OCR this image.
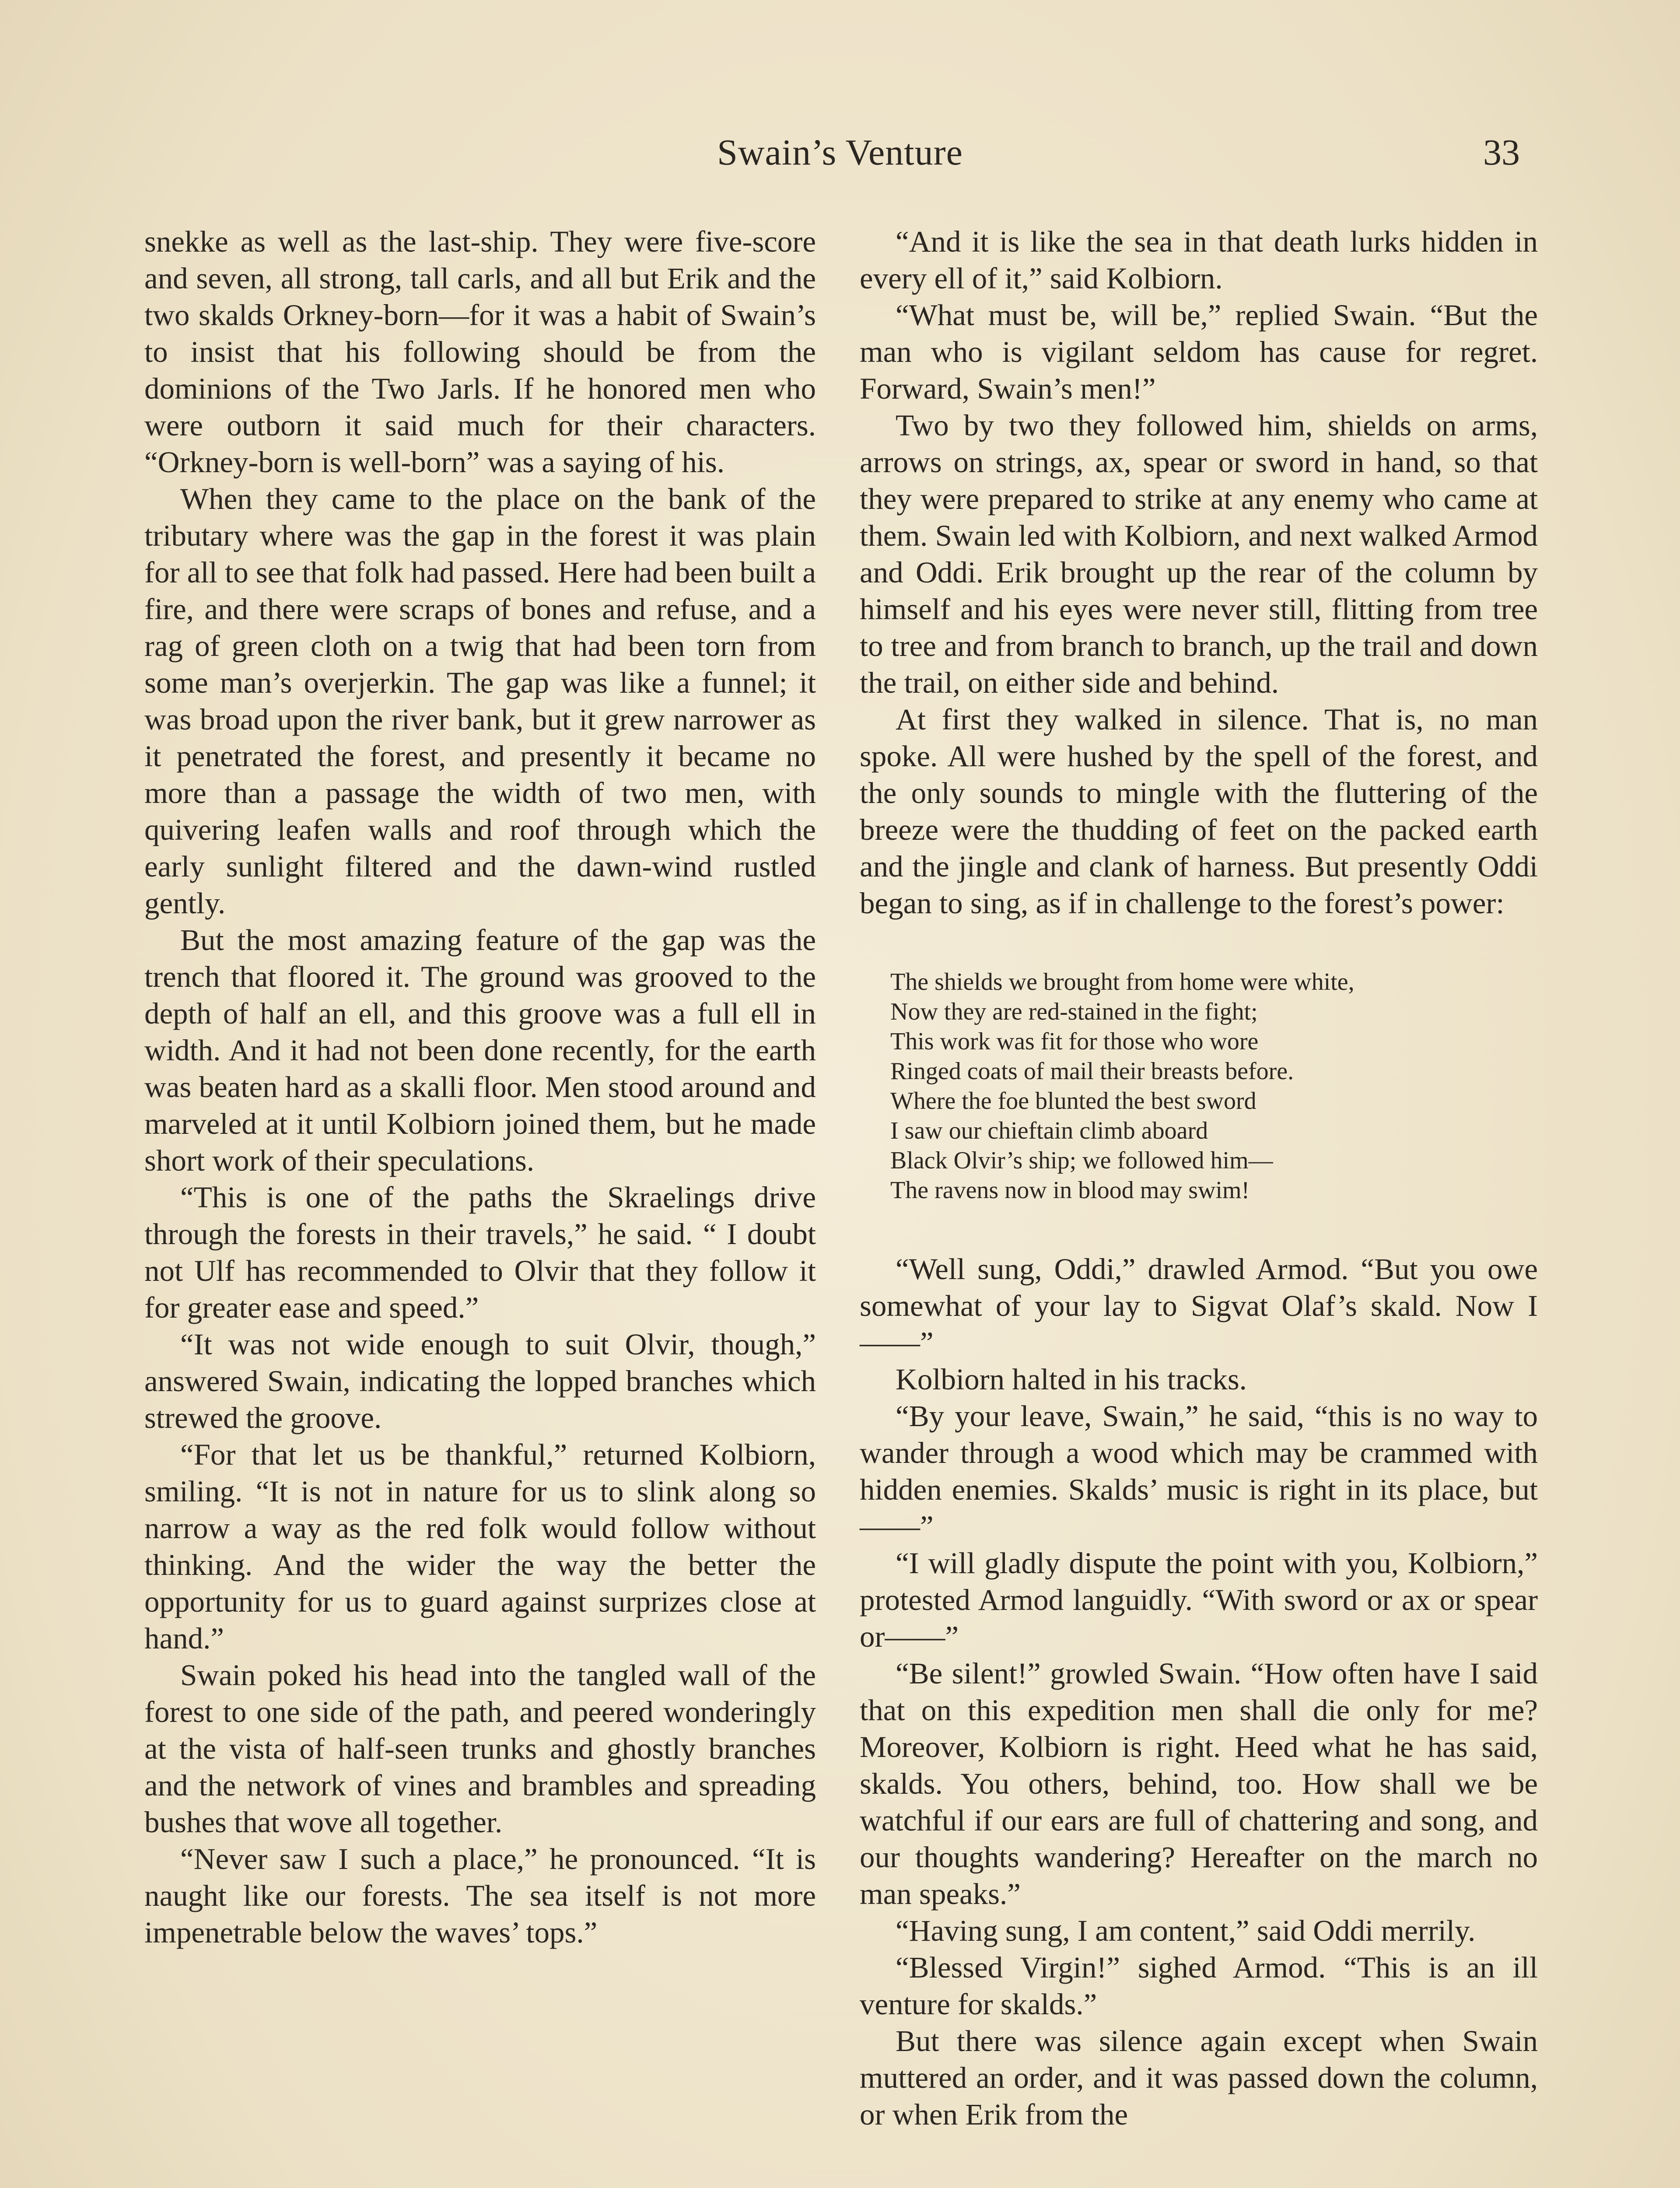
Swain’s Venture	33

snekke as well as the last-ship. They were five-score and seven, all strong, tall carls, and all but Erik and the two skalds Orkney-born—for it was a habit of Swain’s to insist that his following should be from the dominions of the Two Jarls. If he honored men who were outborn it said much for their characters. “Orkney-born is well-born” was a saying of his.

When they came to the place on the bank of the tributary where was the gap in the forest it was plain for all to see that folk had passed. Here had been built a fire, and there were scraps of bones and refuse, and a rag of green cloth on a twig that had been torn from some man’s overjerkin. The gap was like a funnel; it was broad upon the river bank, but it grew narrower as it penetrated the forest, and presently it became no more than a passage the width of two men, with quivering leafen walls and roof through which the early sunlight filtered and the dawn-wind rustled gently.

But the most amazing feature of the gap was the trench that floored it. The ground was grooved to the depth of half an ell, and this groove was a full ell in width. And it had not been done recently, for the earth was beaten hard as a skalli floor. Men stood around and marveled at it until Kolbiorn joined them, but he made short work of their speculations.

“This is one of the paths the Skraelings drive through the forests in their travels,” he said. “ I doubt not Ulf has recommended to Olvir that they follow it for greater ease and speed.”

“It was not wide enough to suit Olvir, though,” answered Swain, indicating the lopped branches which strewed the groove.

“For that let us be thankful,” returned Kolbiorn, smiling. “It is not in nature for us to slink along so narrow a way as the red folk would follow without thinking. And the wider the way the better the opportunity for us to guard against surprizes close at hand.”

Swain poked his head into the tangled wall of the forest to one side of the path, and peered wonderingly at the vista of half-seen trunks and ghostly branches and the network of vines and brambles and spreading bushes that wove all together.

“Never saw I such a place,” he pronounced. “It is naught like our forests. The sea itself is not more impenetrable below the waves’ tops.”

“And it is like the sea in that death lurks hidden in every ell of it,” said Kolbiorn.

“What must be, will be,” replied Swain. “But the man who is vigilant seldom has cause for regret. Forward, Swain’s men!”

Two by two they followed him, shields on arms, arrows on strings, ax, spear or sword in hand, so that they were prepared to strike at any enemy who came at them. Swain led with Kolbiorn, and next walked Armod and Oddi. Erik brought up the rear of the column by himself and his eyes were never still, flitting from tree to tree and from branch to branch, up the trail and down the trail, on either side and behind.

At first they walked in silence. That is, no man spoke. All were hushed by the spell of the forest, and the only sounds to mingle with the fluttering of the breeze were the thudding of feet on the packed earth and the jingle and clank of harness. But presently Oddi began to sing, as if in challenge to the forest’s power:

The shields we brought from home were white,
Now they are red-stained in the fight;
This work was fit for those who wore
Ringed coats of mail their breasts before.
Where the foe blunted the best sword
I saw our chieftain climb aboard
Black Olvir’s ship; we followed him—
The ravens now in blood may swim!

“Well sung, Oddi,” drawled Armod. “But you owe somewhat of your lay to Sigvat Olaf’s skald. Now I——”

Kolbiorn halted in his tracks.

“By your leave, Swain,” he said, “this is no way to wander through a wood which may be crammed with hidden enemies. Skalds’ music is right in its place, but——”

“I will gladly dispute the point with you, Kolbiorn,” protested Armod languidly. “With sword or ax or spear or——”

“Be silent!” growled Swain. “How often have I said that on this expedition men shall die only for me? Moreover, Kolbiorn is right. Heed what he has said, skalds. You others, behind, too. How shall we be watchful if our ears are full of chattering and song, and our thoughts wandering? Hereafter on the march no man speaks.”

“Having sung, I am content,” said Oddi merrily.

“Blessed Virgin!” sighed Armod. “This is an ill venture for skalds.”

But there was silence again except when Swain muttered an order, and it was passed down the column, or when Erik from the
